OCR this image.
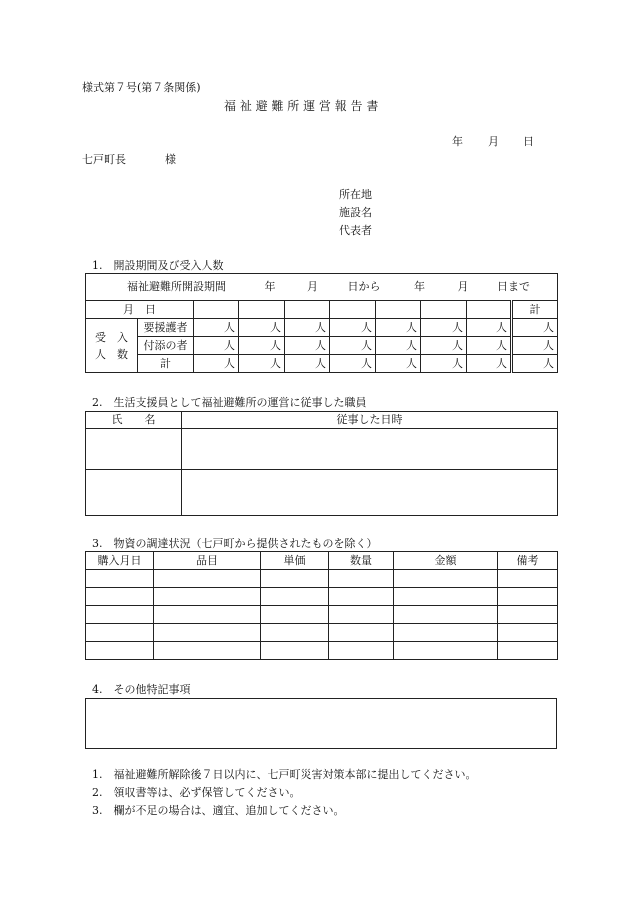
様式第７号(第７条関係)
福 祉 避 難 所 運 営 報 告 書
年 月 日
七戸町長	様
所在地
施設名
代表者
1.　開設期間及び受入人数
福祉避難所開設期間 年 月 日から 年 月 日まで									
月　日									計

受　入
人　数	要援護者	人	人	人	人	人	人	人	人
	付添の者	人	人	人	人	人	人	人	人
	計	人	人	人	人	人	人	人	人
2.　生活支援員として福祉避難所の運営に従事した職員
氏　　名	従事した日時

3.　物資の調達状況（七戸町から提供されたものを除く）
購入月日	品目	単価	数量	金額	備考

4.　その他特記事項
1.　福祉避難所解除後７日以内に、七戸町災害対策本部に提出してください。
2.　領収書等は、必ず保管してください。
3.　欄が不足の場合は、適宜、追加してください。
